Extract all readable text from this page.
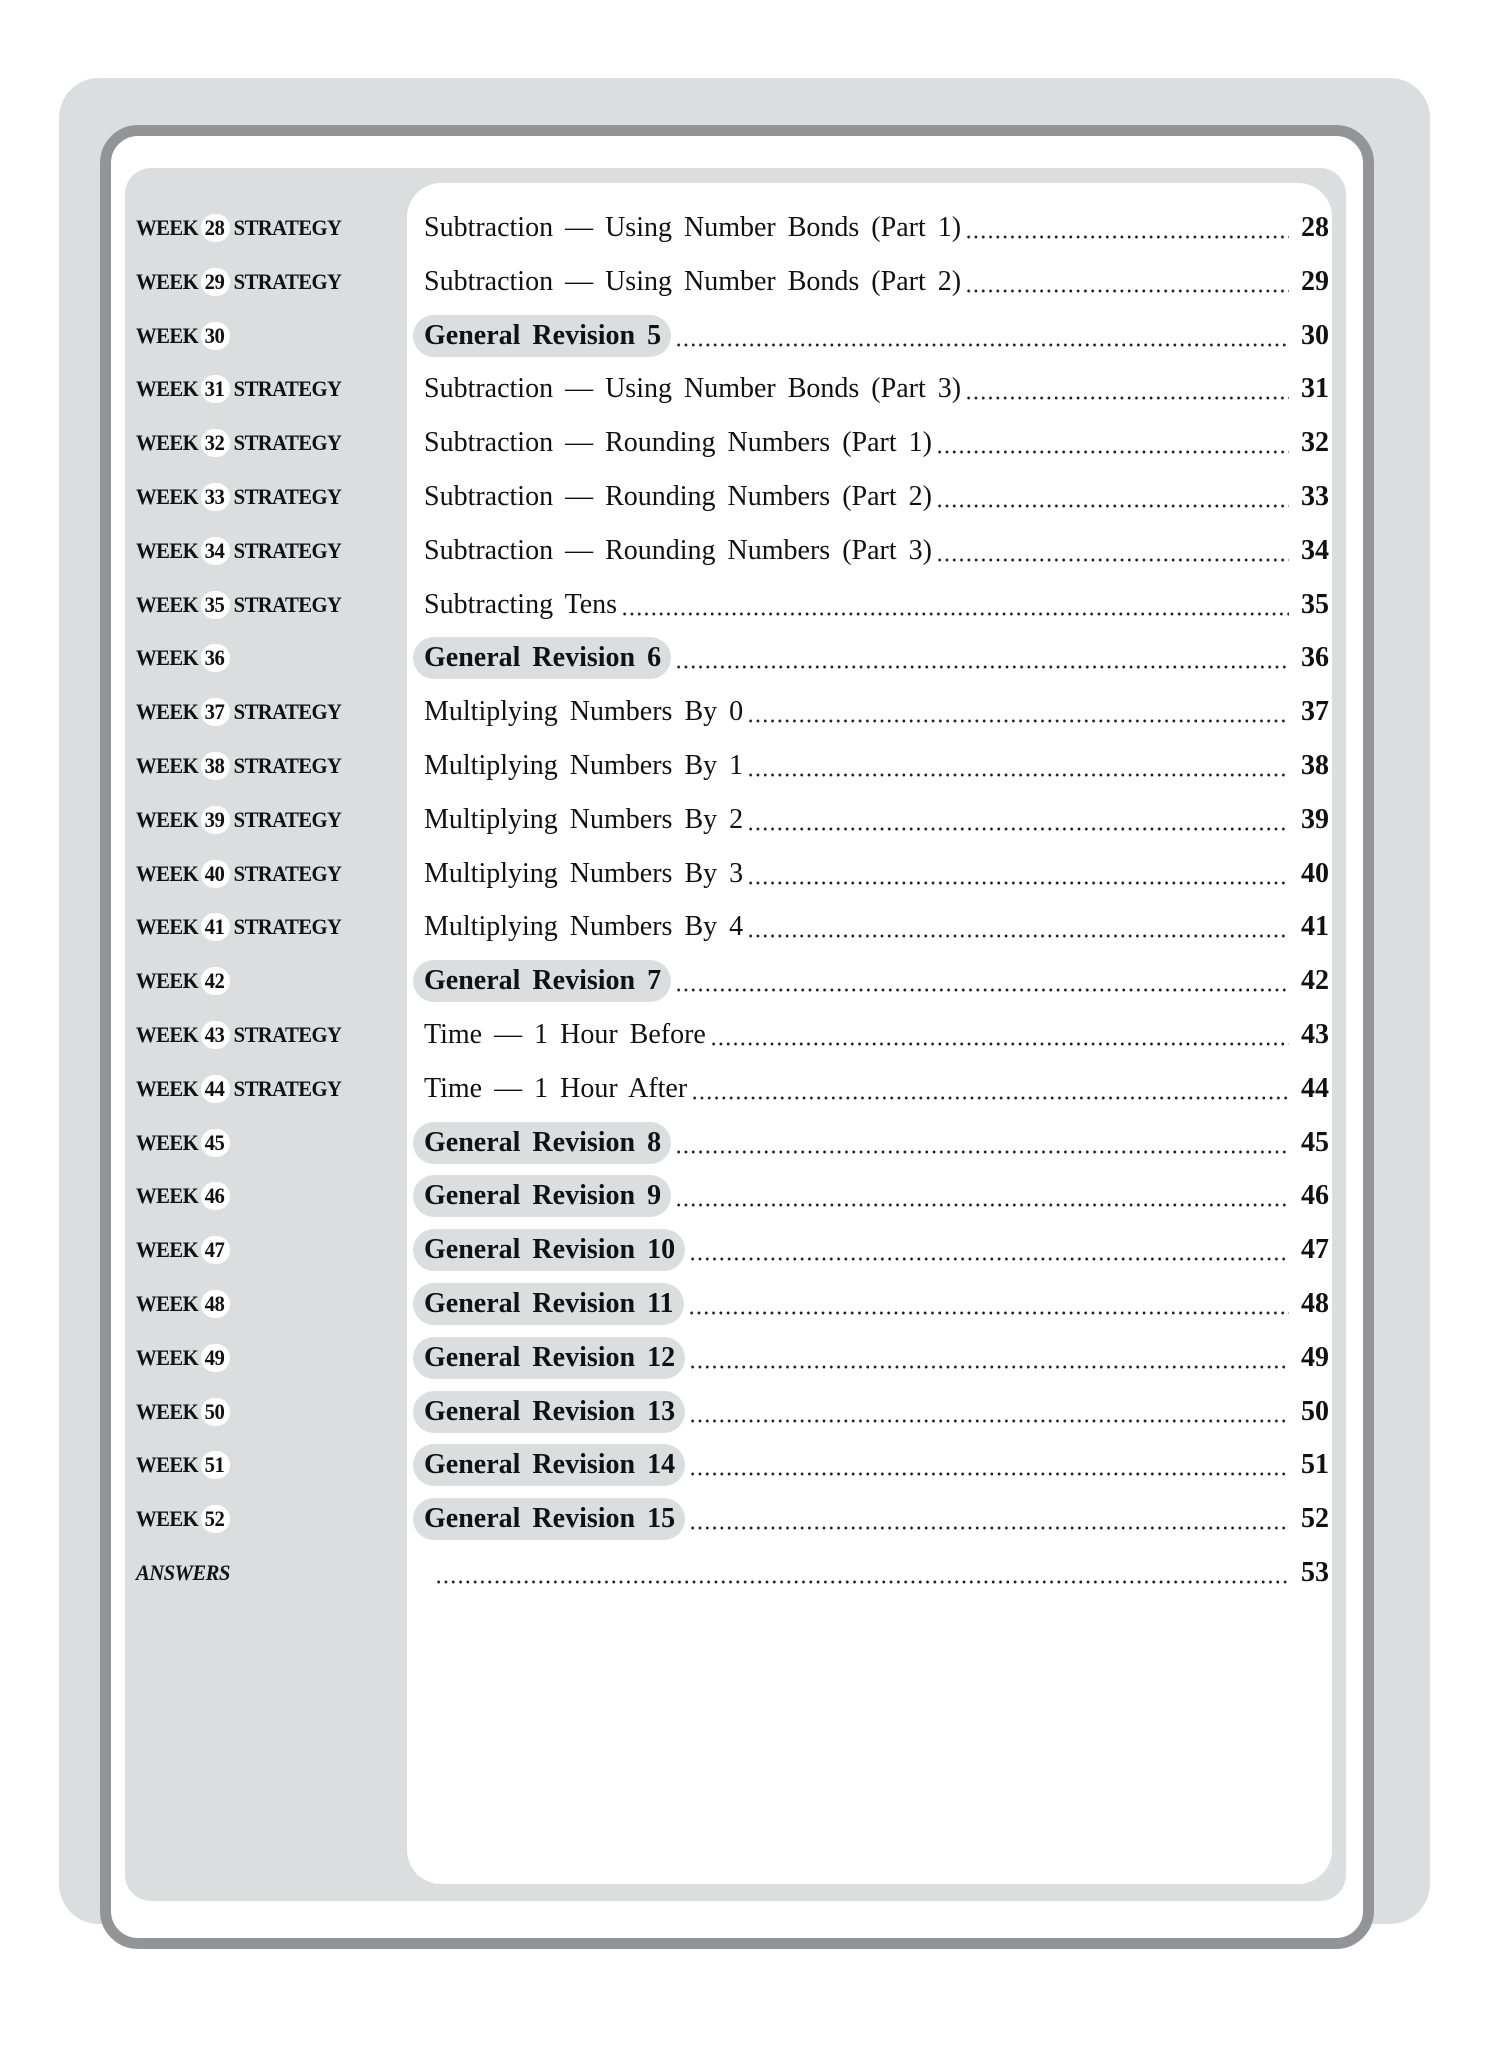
WEEK 28 STRATEGY	Subtraction — Using Number Bonds (Part 1)	28
WEEK 29 STRATEGY	Subtraction — Using Number Bonds (Part 2)	29
WEEK 30	General Revision 5	30
WEEK 31 STRATEGY	Subtraction — Using Number Bonds (Part 3)	31
WEEK 32 STRATEGY	Subtraction — Rounding Numbers (Part 1)	32
WEEK 33 STRATEGY	Subtraction — Rounding Numbers (Part 2)	33
WEEK 34 STRATEGY	Subtraction — Rounding Numbers (Part 3)	34
WEEK 35 STRATEGY	Subtracting Tens	35
WEEK 36	General Revision 6	36
WEEK 37 STRATEGY	Multiplying Numbers By 0	37
WEEK 38 STRATEGY	Multiplying Numbers By 1	38
WEEK 39 STRATEGY	Multiplying Numbers By 2	39
WEEK 40 STRATEGY	Multiplying Numbers By 3	40
WEEK 41 STRATEGY	Multiplying Numbers By 4	41
WEEK 42	General Revision 7	42
WEEK 43 STRATEGY	Time — 1 Hour Before	43
WEEK 44 STRATEGY	Time — 1 Hour After	44
WEEK 45	General Revision 8	45
WEEK 46	General Revision 9	46
WEEK 47	General Revision 10	47
WEEK 48	General Revision 11	48
WEEK 49	General Revision 12	49
WEEK 50	General Revision 13	50
WEEK 51	General Revision 14	51
WEEK 52	General Revision 15	52
ANSWERS	53
